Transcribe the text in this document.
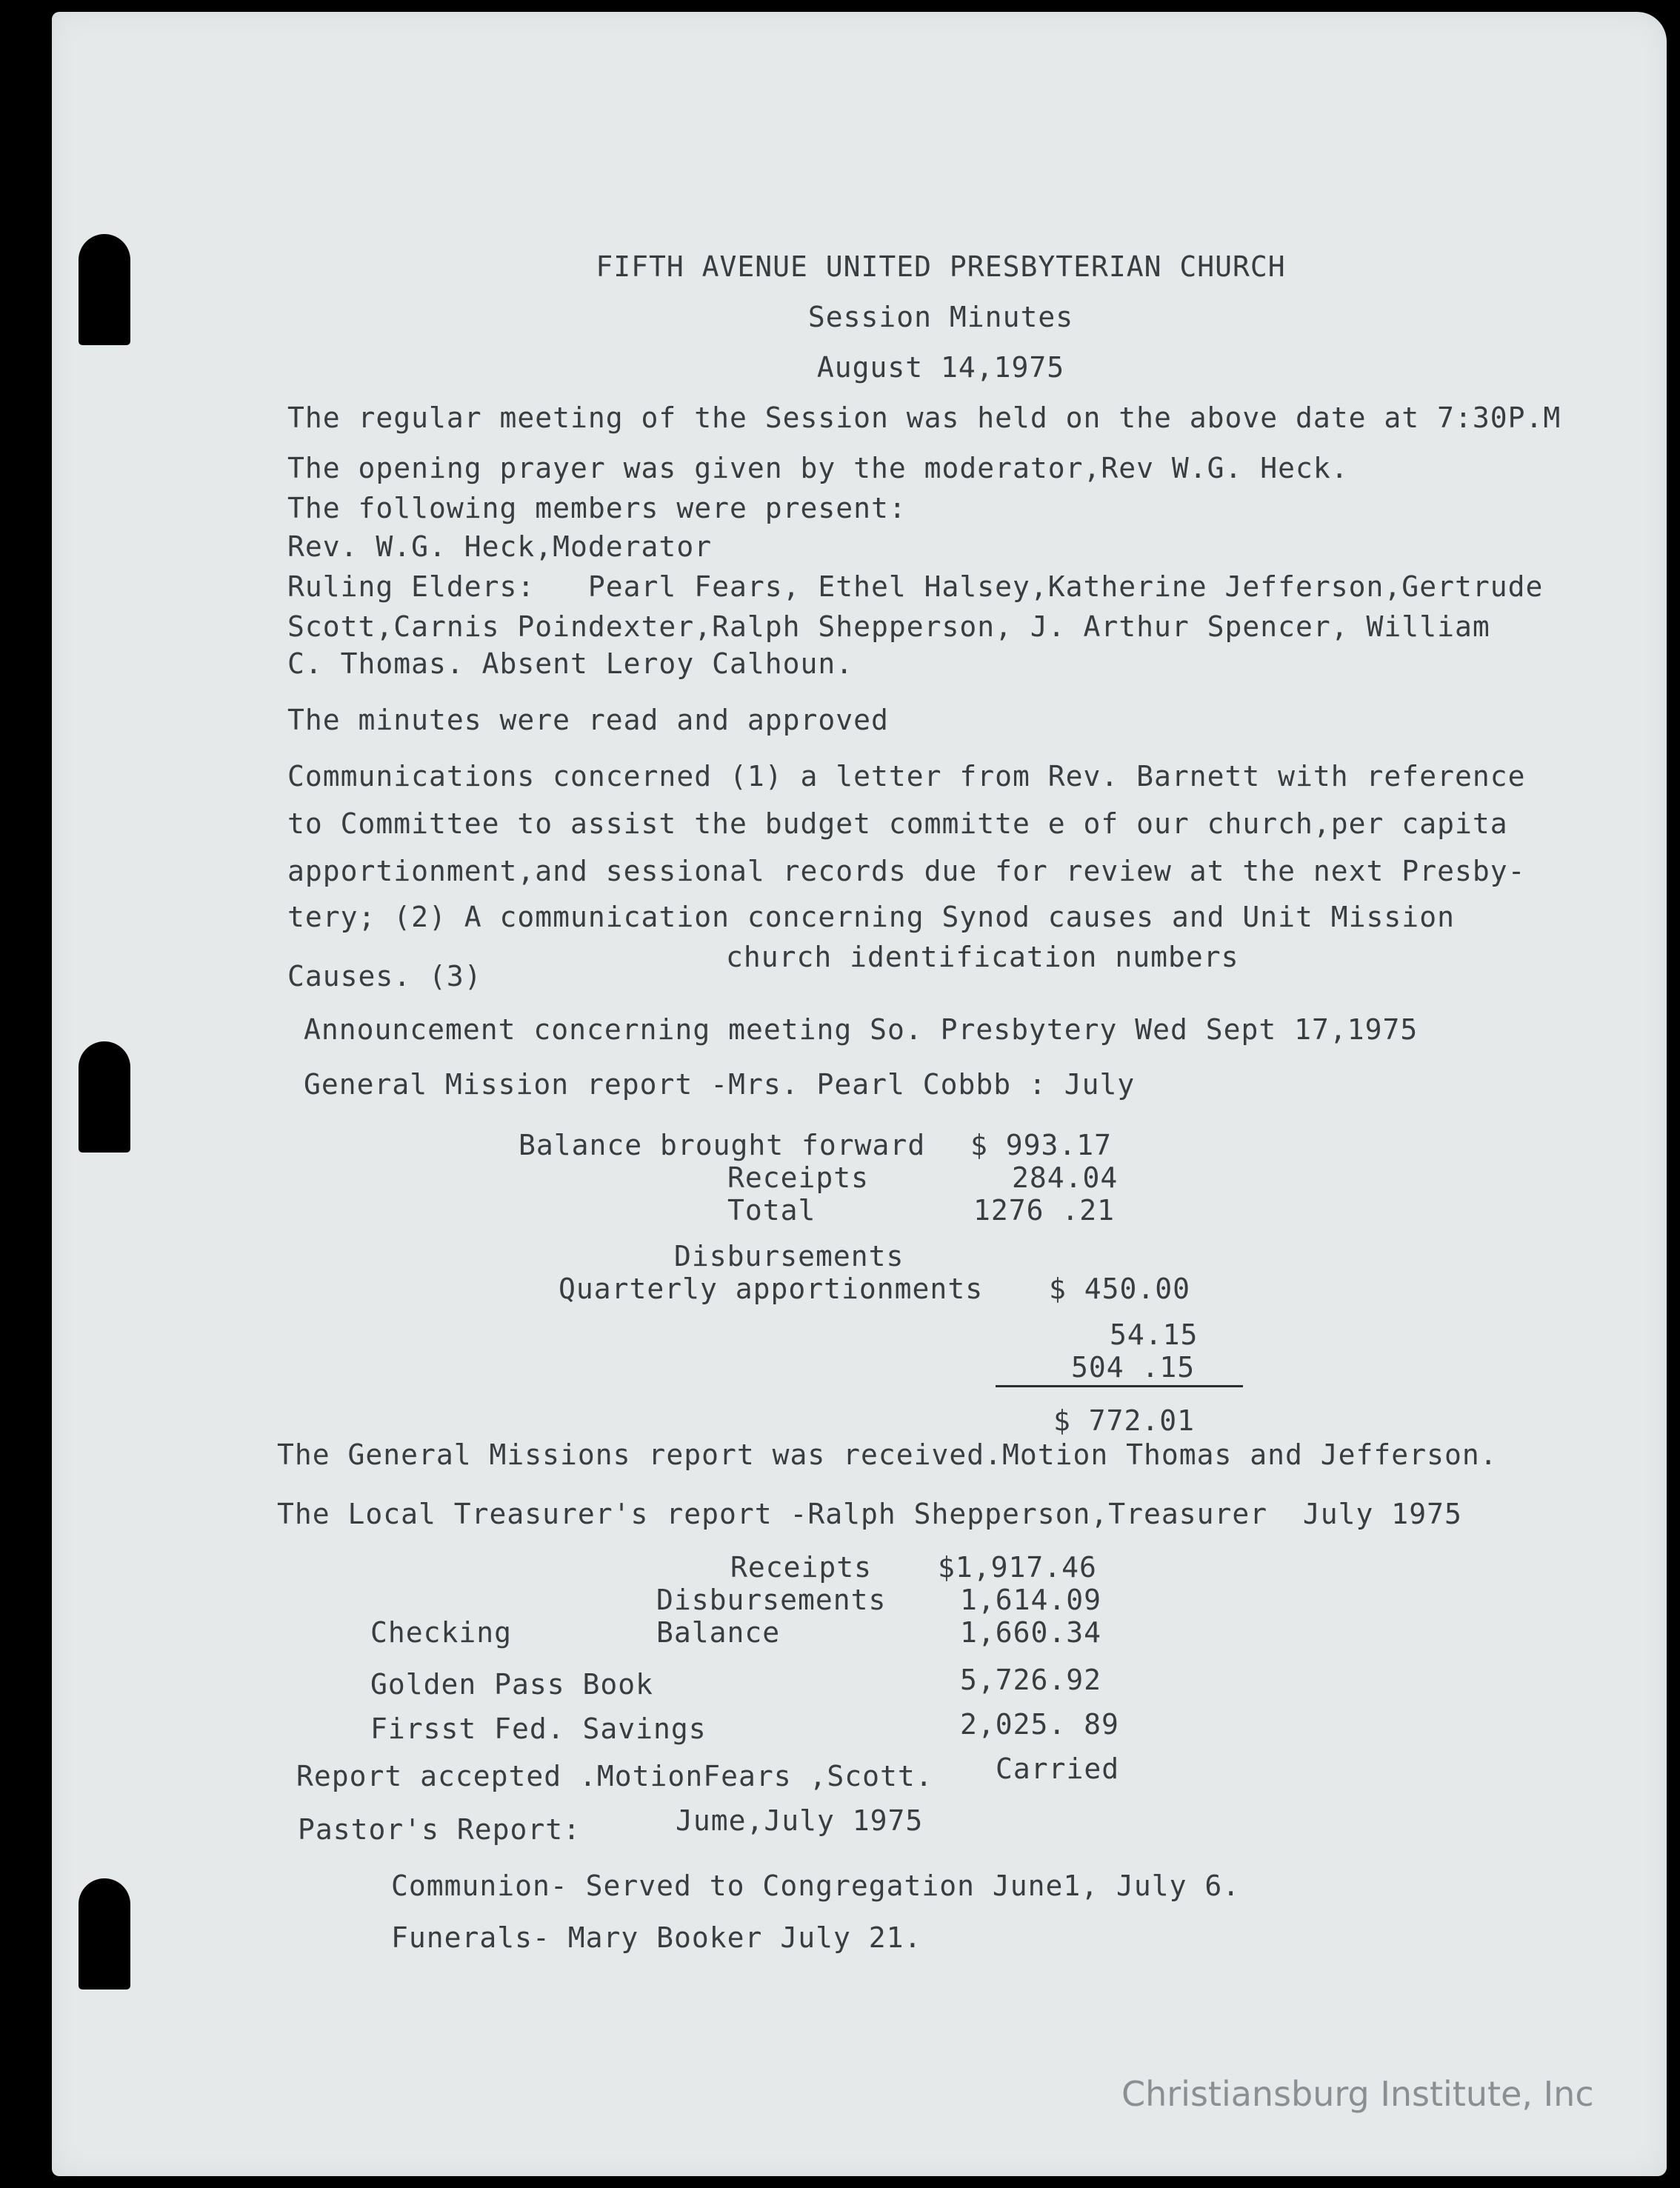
FIFTH AVENUE UNITED PRESBYTERIAN CHURCH
Session Minutes
August 14,1975
The regular meeting of the Session was held on the above date at 7:30P.M
The opening prayer was given by the moderator,Rev W.G. Heck.
The following members were present:
Rev. W.G. Heck,Moderator
Ruling Elders:   Pearl Fears, Ethel Halsey,Katherine Jefferson,Gertrude
Scott,Carnis Poindexter,Ralph Shepperson, J. Arthur Spencer, William
C. Thomas. Absent Leroy Calhoun.
The minutes were read and approved
Communications concerned (1) a letter from Rev. Barnett with reference
to Committee to assist the budget committe e of our church,per capita
apportionment,and sessional records due for review at the next Presby-
tery; (2) A communication concerning Synod causes and Unit Mission
Causes. (3)
church identification numbers
Announcement concerning meeting So. Presbytery Wed Sept 17,1975
General Mission report -Mrs. Pearl Cobbb : July
Balance brought forward $ 993.17
Receipts	284.04
Total	1276 .21
Disbursements
Quarterly apportionments $ 450.00
54.15
504 .15
$ 772.01
The General Missions report was received.Motion Thomas and Jefferson.
The Local Treasurer's report -Ralph Shepperson,Treasurer  July 1975
Receipts $1,917.46
Disbursements	1,614.09
Checking	Balance	1,660.34
Golden Pass Book	5,726.92
Firsst Fed. Savings	2,025. 89
Report accepted .MotionFears ,Scott. Carried
Pastor's Report:	Jume,July 1975
Communion- Served to Congregation June1, July 6.
Funerals- Mary Booker July 21.
Christiansburg Institute, Inc
